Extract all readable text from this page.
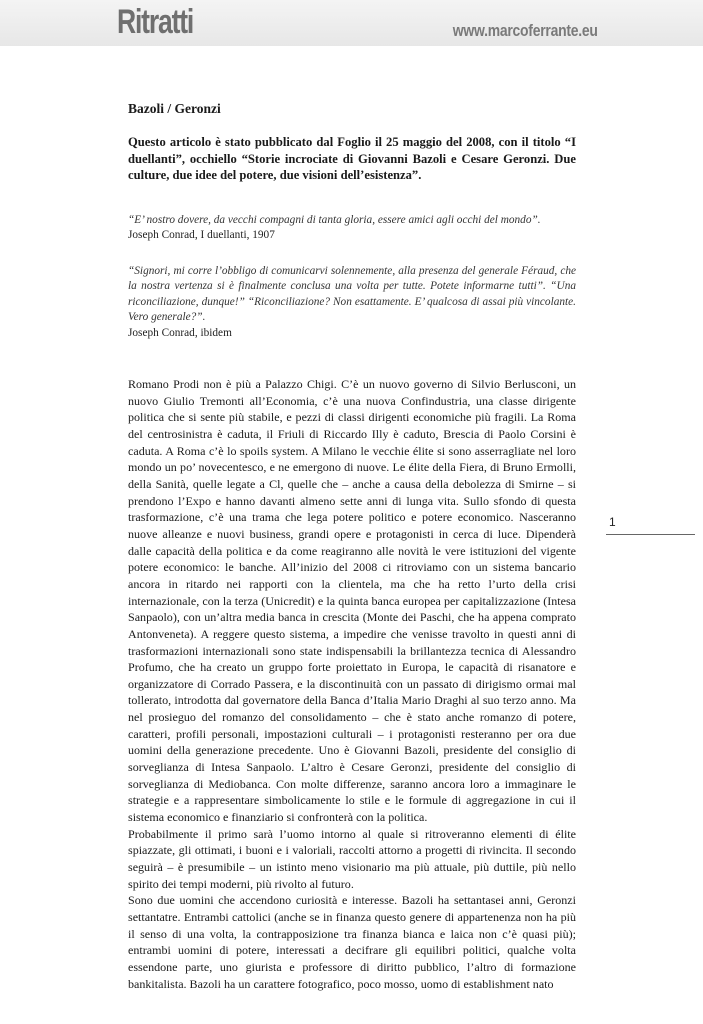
Ritratti	www.marcoferrante.eu
Bazoli / Geronzi
Questo articolo è stato pubblicato dal Foglio il 25 maggio del 2008, con il titolo “I duellanti”, occhiello “Storie incrociate di Giovanni Bazoli e Cesare Geronzi. Due culture, due idee del potere, due visioni dell’esistenza”.
“E’ nostro dovere, da vecchi compagni di tanta gloria, essere amici agli occhi del mondo”.
Joseph Conrad, I duellanti, 1907
“Signori, mi corre l’obbligo di comunicarvi solennemente, alla presenza del generale Féraud, che la nostra vertenza si è finalmente conclusa una volta per tutte. Potete informarne tutti”. “Una riconciliazione, dunque!” “Riconciliazione? Non esattamente. E’ qualcosa di assai più vincolante. Vero generale?”.
Joseph Conrad, ibidem

Romano Prodi non è più a Palazzo Chigi. C’è un nuovo governo di Silvio Berlusconi, un nuovo Giulio Tremonti all’Economia, c’è una nuova Confindustria, una classe dirigente politica che si sente più stabile, e pezzi di classi dirigenti economiche più fragili. La Roma del centrosinistra è caduta, il Friuli di Riccardo Illy è caduto, Brescia di Paolo Corsini è caduta. A Roma c’è lo spoils system. A Milano le vecchie élite si sono asserragliate nel loro mondo un po’ novecentesco, e ne emergono di nuove. Le élite della Fiera, di Bruno Ermolli, della Sanità, quelle legate a Cl, quelle che – anche a causa della debolezza di Smirne – si prendono l’Expo e hanno davanti almeno sette anni di lunga vita. Sullo sfondo di questa trasformazione, c’è una trama che lega potere politico e potere economico. Nasceranno nuove alleanze e nuovi business, grandi opere e protagonisti in cerca di luce. Dipenderà dalle capacità della politica e da come reagiranno alle novità le vere istituzioni del vigente potere economico: le banche. All’inizio del 2008 ci ritroviamo con un sistema bancario ancora in ritardo nei rapporti con la clientela, ma che ha retto l’urto della crisi internazionale, con la terza (Unicredit) e la quinta banca europea per capitalizzazione (Intesa Sanpaolo), con un’altra media banca in crescita (Monte dei Paschi, che ha appena comprato Antonveneta). A reggere questo sistema, a impedire che venisse travolto in questi anni di trasformazioni internazionali sono state indispensabili la brillantezza tecnica di Alessandro Profumo, che ha creato un gruppo forte proiettato in Europa, le capacità di risanatore e organizzatore di Corrado Passera, e la discontinuità con un passato di dirigismo ormai mal tollerato, introdotta dal governatore della Banca d’Italia Mario Draghi al suo terzo anno. Ma nel prosieguo del romanzo del consolidamento – che è stato anche romanzo di potere, caratteri, profili personali, impostazioni culturali – i protagonisti resteranno per ora due uomini della generazione precedente. Uno è Giovanni Bazoli, presidente del consiglio di sorveglianza di Intesa Sanpaolo. L’altro è Cesare Geronzi, presidente del consiglio di sorveglianza di Mediobanca. Con molte differenze, saranno ancora loro a immaginare le strategie e a rappresentare simbolicamente lo stile e le formule di aggregazione in cui il sistema economico e finanziario si confronterà con la politica.

Probabilmente il primo sarà l’uomo intorno al quale si ritroveranno elementi di élite spiazzate, gli ottimati, i buoni e i valoriali, raccolti attorno a progetti di rivincita. Il secondo seguirà – è presumibile – un istinto meno visionario ma più attuale, più duttile, più nello spirito dei tempi moderni, più rivolto al futuro.

Sono due uomini che accendono curiosità e interesse. Bazoli ha settantasei anni, Geronzi settantatre. Entrambi cattolici (anche se in finanza questo genere di appartenenza non ha più il senso di una volta, la contrapposizione tra finanza bianca e laica non c’è quasi più); entrambi uomini di potere, interessati a decifrare gli equilibri politici, qualche volta essendone parte, uno giurista e professore di diritto pubblico, l’altro di formazione bankitalista. Bazoli ha un carattere fotografico, poco mosso, uomo di establishment nato

1
